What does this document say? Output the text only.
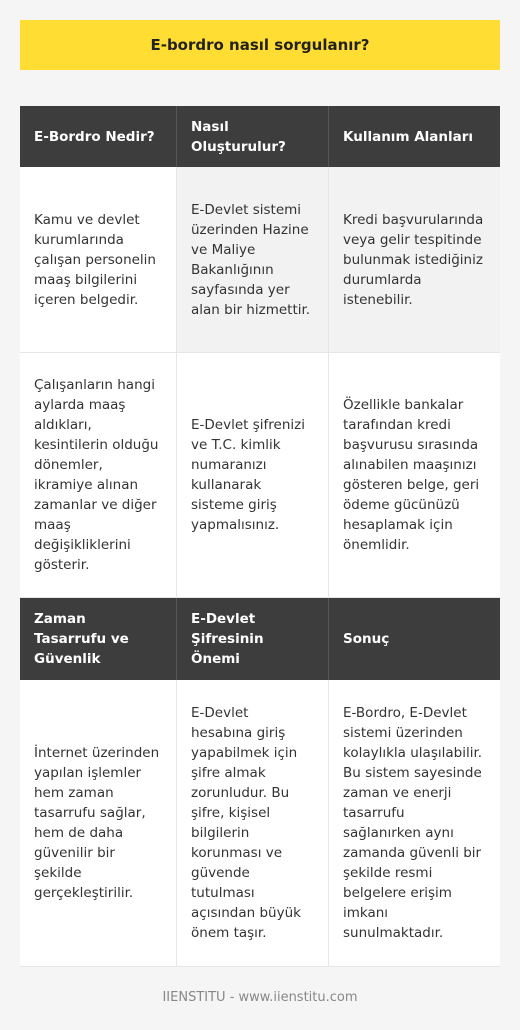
E-bordro nasıl sorgulanır?
E-Bordro Nedir?
Nasıl Oluşturulur?
Kullanım Alanları
Kamu ve devlet kurumlarında çalışan personelin maaş bilgilerini içeren belgedir.
E-Devlet sistemi üzerinden Hazine ve Maliye Bakanlığının sayfasında yer alan bir hizmettir.
Kredi başvurularında veya gelir tespitinde bulunmak istediğiniz durumlarda istenebilir.
Çalışanların hangi aylarda maaş aldıkları, kesintilerin olduğu dönemler, ikramiye alınan zamanlar ve diğer maaş değişikliklerini gösterir.
E-Devlet şifrenizi ve T.C. kimlik numaranızı kullanarak sisteme giriş yapmalısınız.
Özellikle bankalar tarafından kredi başvurusu sırasında alınabilen maaşınızı gösteren belge, geri ödeme gücünüzü hesaplamak için önemlidir.
Zaman Tasarrufu ve Güvenlik
E-Devlet Şifresinin Önemi
Sonuç
İnternet üzerinden yapılan işlemler hem zaman tasarrufu sağlar, hem de daha güvenilir bir şekilde gerçekleştirilir.
E-Devlet hesabına giriş yapabilmek için şifre almak zorunludur. Bu şifre, kişisel bilgilerin korunması ve güvende tutulması açısından büyük önem taşır.
E-Bordro, E-Devlet sistemi üzerinden kolaylıkla ulaşılabilir. Bu sistem sayesinde zaman ve enerji tasarrufu sağlanırken aynı zamanda güvenli bir şekilde resmi belgelere erişim imkanı sunulmaktadır.
IIENSTITU - www.iienstitu.com
